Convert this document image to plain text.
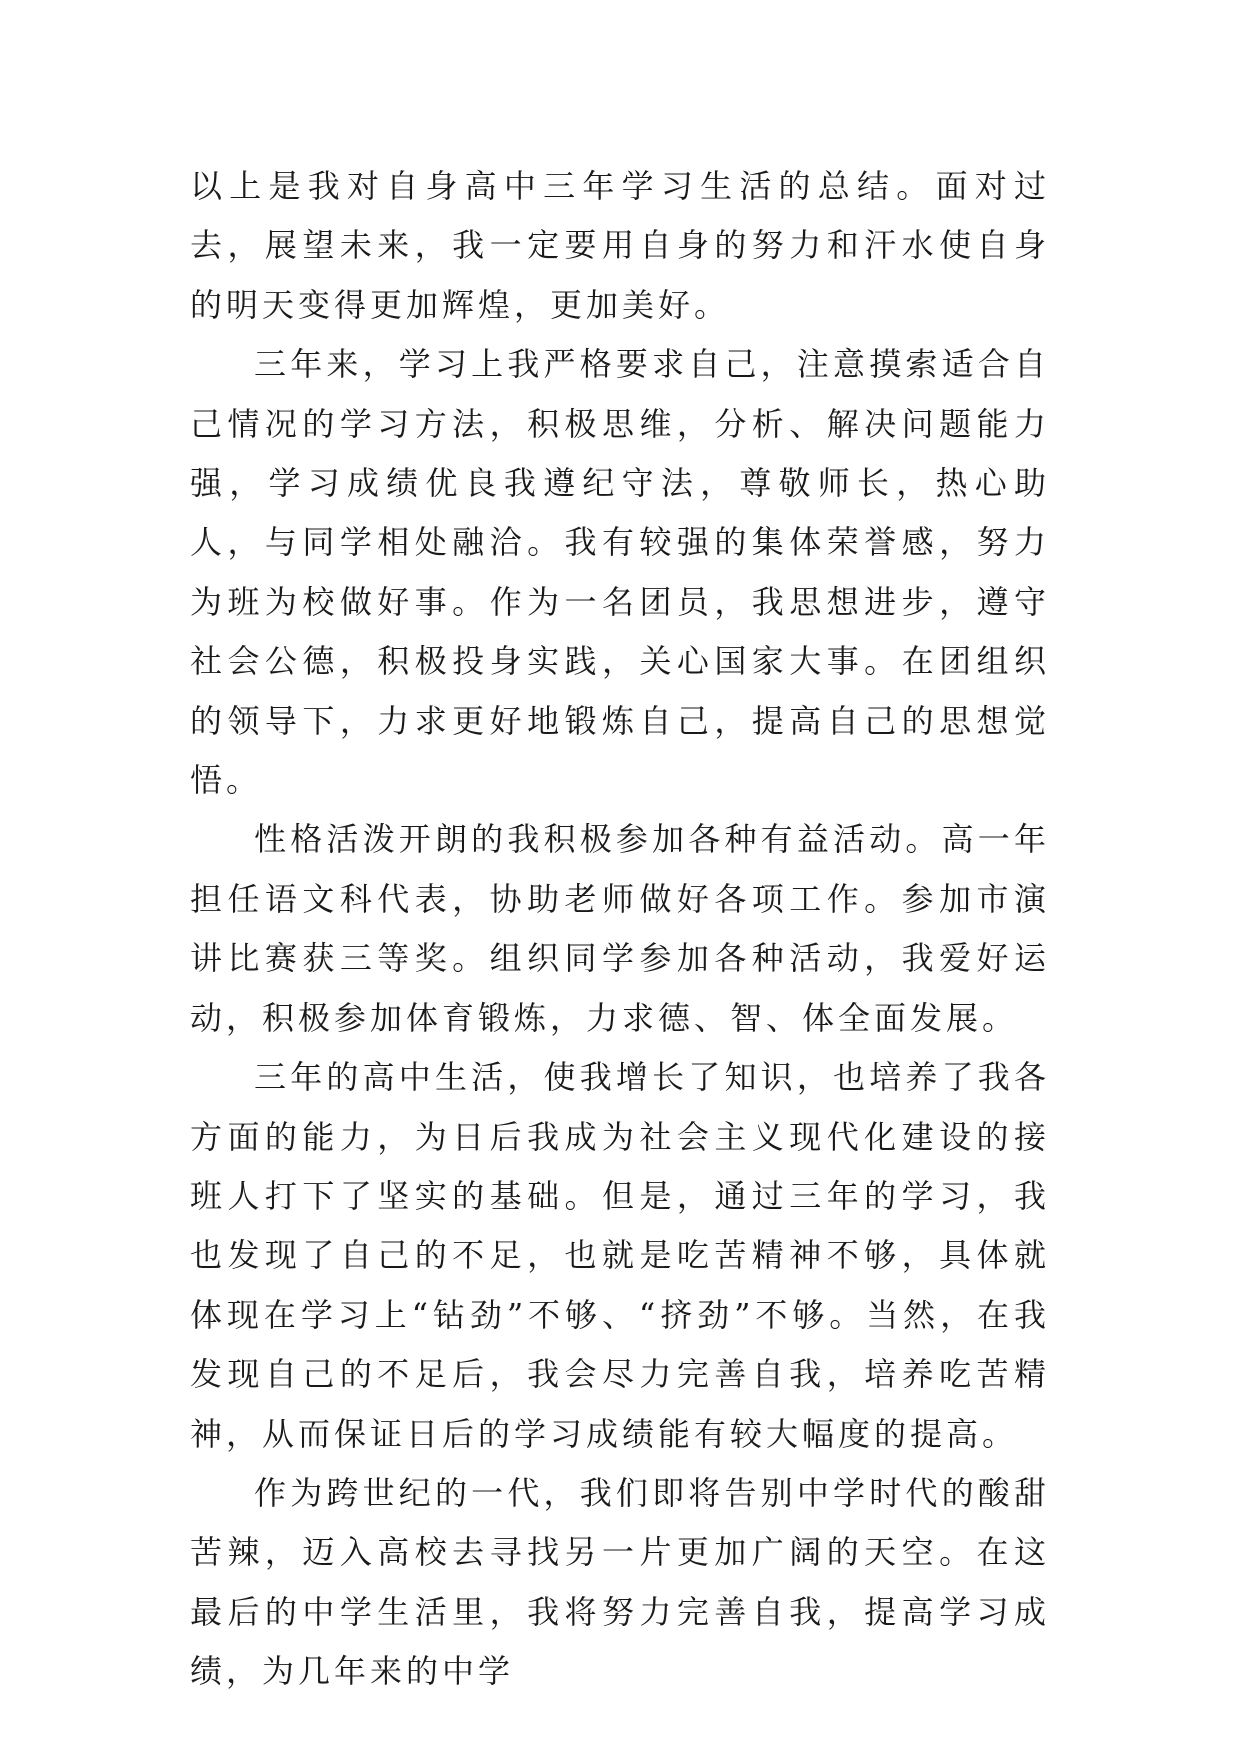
以上是我对自身高中三年学习生活的总结。面对过去，展望未来，我一定要用自身的努力和汗水使自身的明天变得更加辉煌，更加美好。

三年来，学习上我严格要求自己，注意摸索适合自己情况的学习方法，积极思维，分析、解决问题能力强，学习成绩优良我遵纪守法，尊敬师长，热心助人，与同学相处融洽。我有较强的集体荣誉感，努力为班为校做好事。作为一名团员，我思想进步，遵守社会公德，积极投身实践，关心国家大事。在团组织的领导下，力求更好地锻炼自己，提高自己的思想觉悟。

性格活泼开朗的我积极参加各种有益活动。高一年担任语文科代表，协助老师做好各项工作。参加市演讲比赛获三等奖。组织同学参加各种活动，我爱好运动，积极参加体育锻炼，力求德、智、体全面发展。

三年的高中生活，使我增长了知识，也培养了我各方面的能力，为日后我成为社会主义现代化建设的接班人打下了坚实的基础。但是，通过三年的学习，我也发现了自己的不足，也就是吃苦精神不够，具体就体现在学习上“钻劲”不够、“挤劲”不够。当然，在我发现自己的不足后，我会尽力完善自我，培养吃苦精神，从而保证日后的学习成绩能有较大幅度的提高。

作为跨世纪的一代，我们即将告别中学时代的酸甜苦辣，迈入高校去寻找另一片更加广阔的天空。在这最后的中学生活里，我将努力完善自我，提高学习成绩，为几年来的中学
